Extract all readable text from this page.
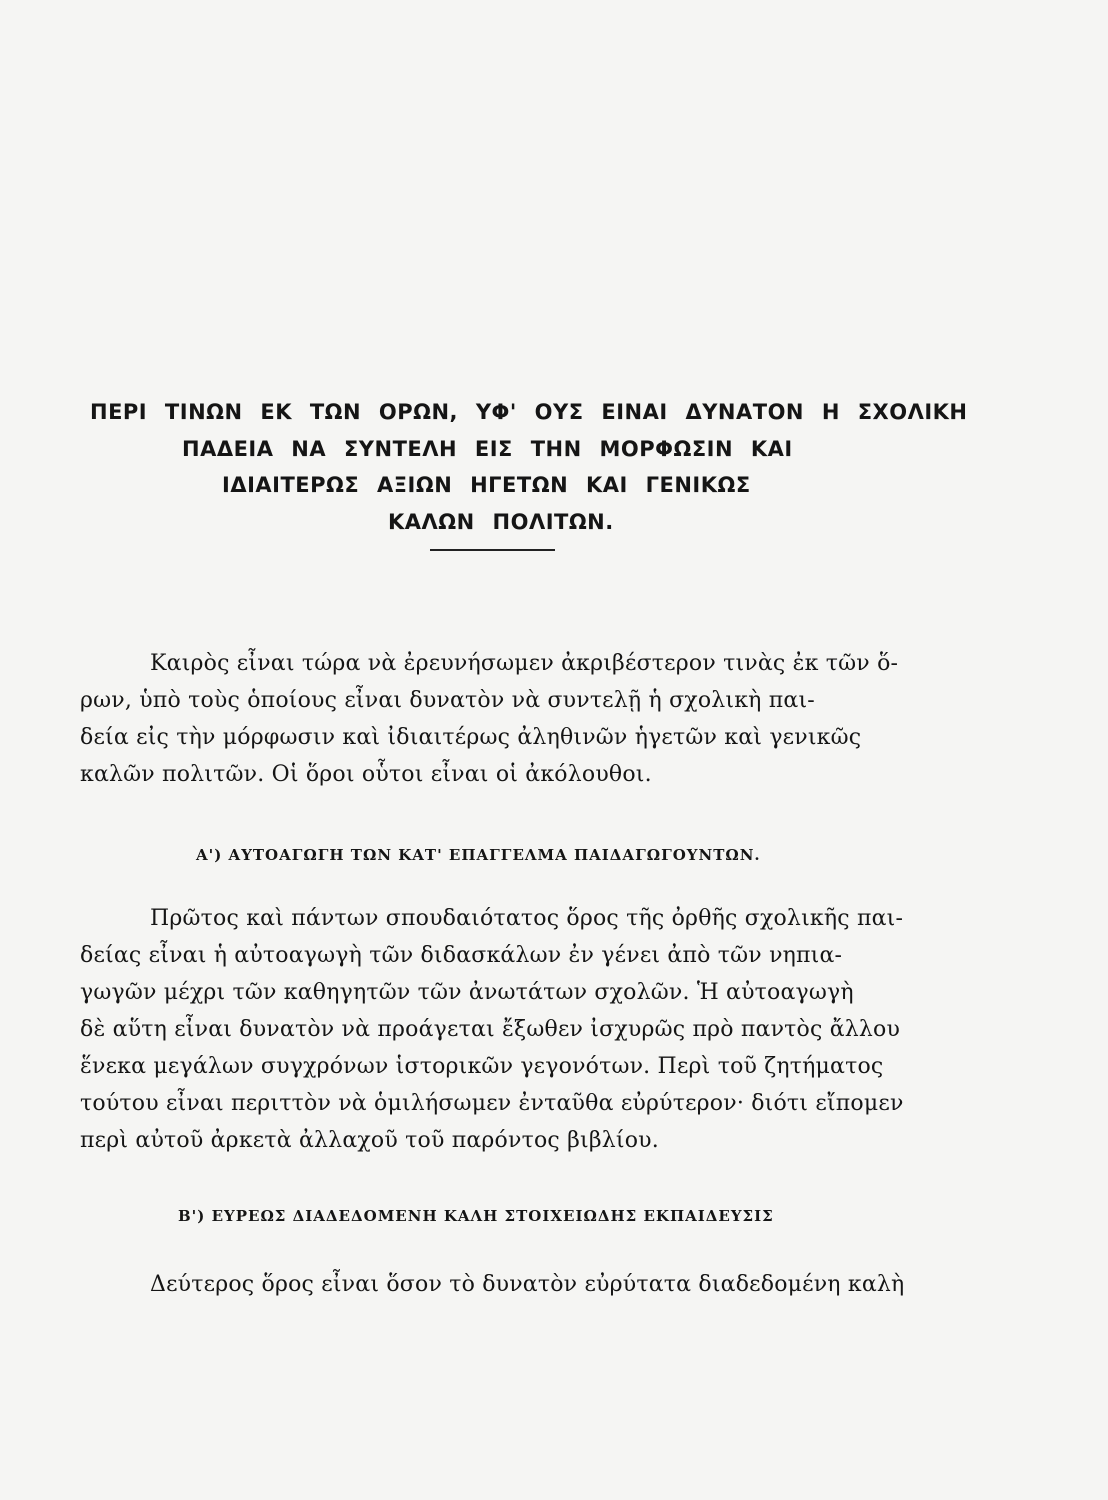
ΠΕΡΙ ΤΙΝΩΝ ΕΚ ΤΩΝ ΟΡΩΝ, ΥΦ' ΟΥΣ ΕΙΝΑΙ ΔΥΝΑΤΟΝ Η ΣΧΟΛΙΚΗ
ΠΑΔΕΙΑ ΝΑ ΣΥΝΤΕΛΗ ΕΙΣ ΤΗΝ ΜΟΡΦΩΣΙΝ ΚΑΙ
ΙΔΙΑΙΤΕΡΩΣ ΑΞΙΩΝ ΗΓΕΤΩΝ ΚΑΙ ΓΕΝΙΚΩΣ
ΚΑΛΩΝ ΠΟΛΙΤΩΝ.
Καιρὸς εἶναι τώρα νὰ ἐρευνήσωμεν ἀκριβέστερον τινὰς ἐκ τῶν ὅ-
ρων, ὑπὸ τοὺς ὁποίους εἶναι δυνατὸν νὰ συντελῇ ἡ σχολικὴ παι-
δεία εἰς τὴν μόρφωσιν καὶ ἰδιαιτέρως ἀληθινῶν ἡγετῶν καὶ γενικῶς
καλῶν πολιτῶν. Οἱ ὅροι οὗτοι εἶναι οἱ ἀκόλουθοι.
Α') ΑΥΤΟΑΓΩΓΗ ΤΩΝ ΚΑΤ' ΕΠΑΓΓΕΛΜΑ ΠΑΙΔΑΓΩΓΟΥΝΤΩΝ.
Πρῶτος καὶ πάντων σπουδαιότατος ὅρος τῆς ὀρθῆς σχολικῆς παι-
δείας εἶναι ἡ αὐτοαγωγὴ τῶν διδασκάλων ἐν γένει ἀπὸ τῶν νηπια-
γωγῶν μέχρι τῶν καθηγητῶν τῶν ἀνωτάτων σχολῶν. Ἡ αὐτοαγωγὴ
δὲ αὕτη εἶναι δυνατὸν νὰ προάγεται ἔξωθεν ἰσχυρῶς πρὸ παντὸς ἄλλου
ἕνεκα μεγάλων συγχρόνων ἱστορικῶν γεγονότων. Περὶ τοῦ ζητήματος
τούτου εἶναι περιττὸν νὰ ὁμιλήσωμεν ἐνταῦθα εὐρύτερον· διότι εἴπομεν
περὶ αὐτοῦ ἀρκετὰ ἀλλαχοῦ τοῦ παρόντος βιβλίου.
Β') ΕΥΡΕΩΣ ΔΙΑΔΕΔΟΜΕΝΗ ΚΑΛΗ ΣΤΟΙΧΕΙΩΔΗΣ ΕΚΠΑΙΔΕΥΣΙΣ
Δεύτερος ὅρος εἶναι ὅσον τὸ δυνατὸν εὐρύτατα διαδεδομένη καλὴ
